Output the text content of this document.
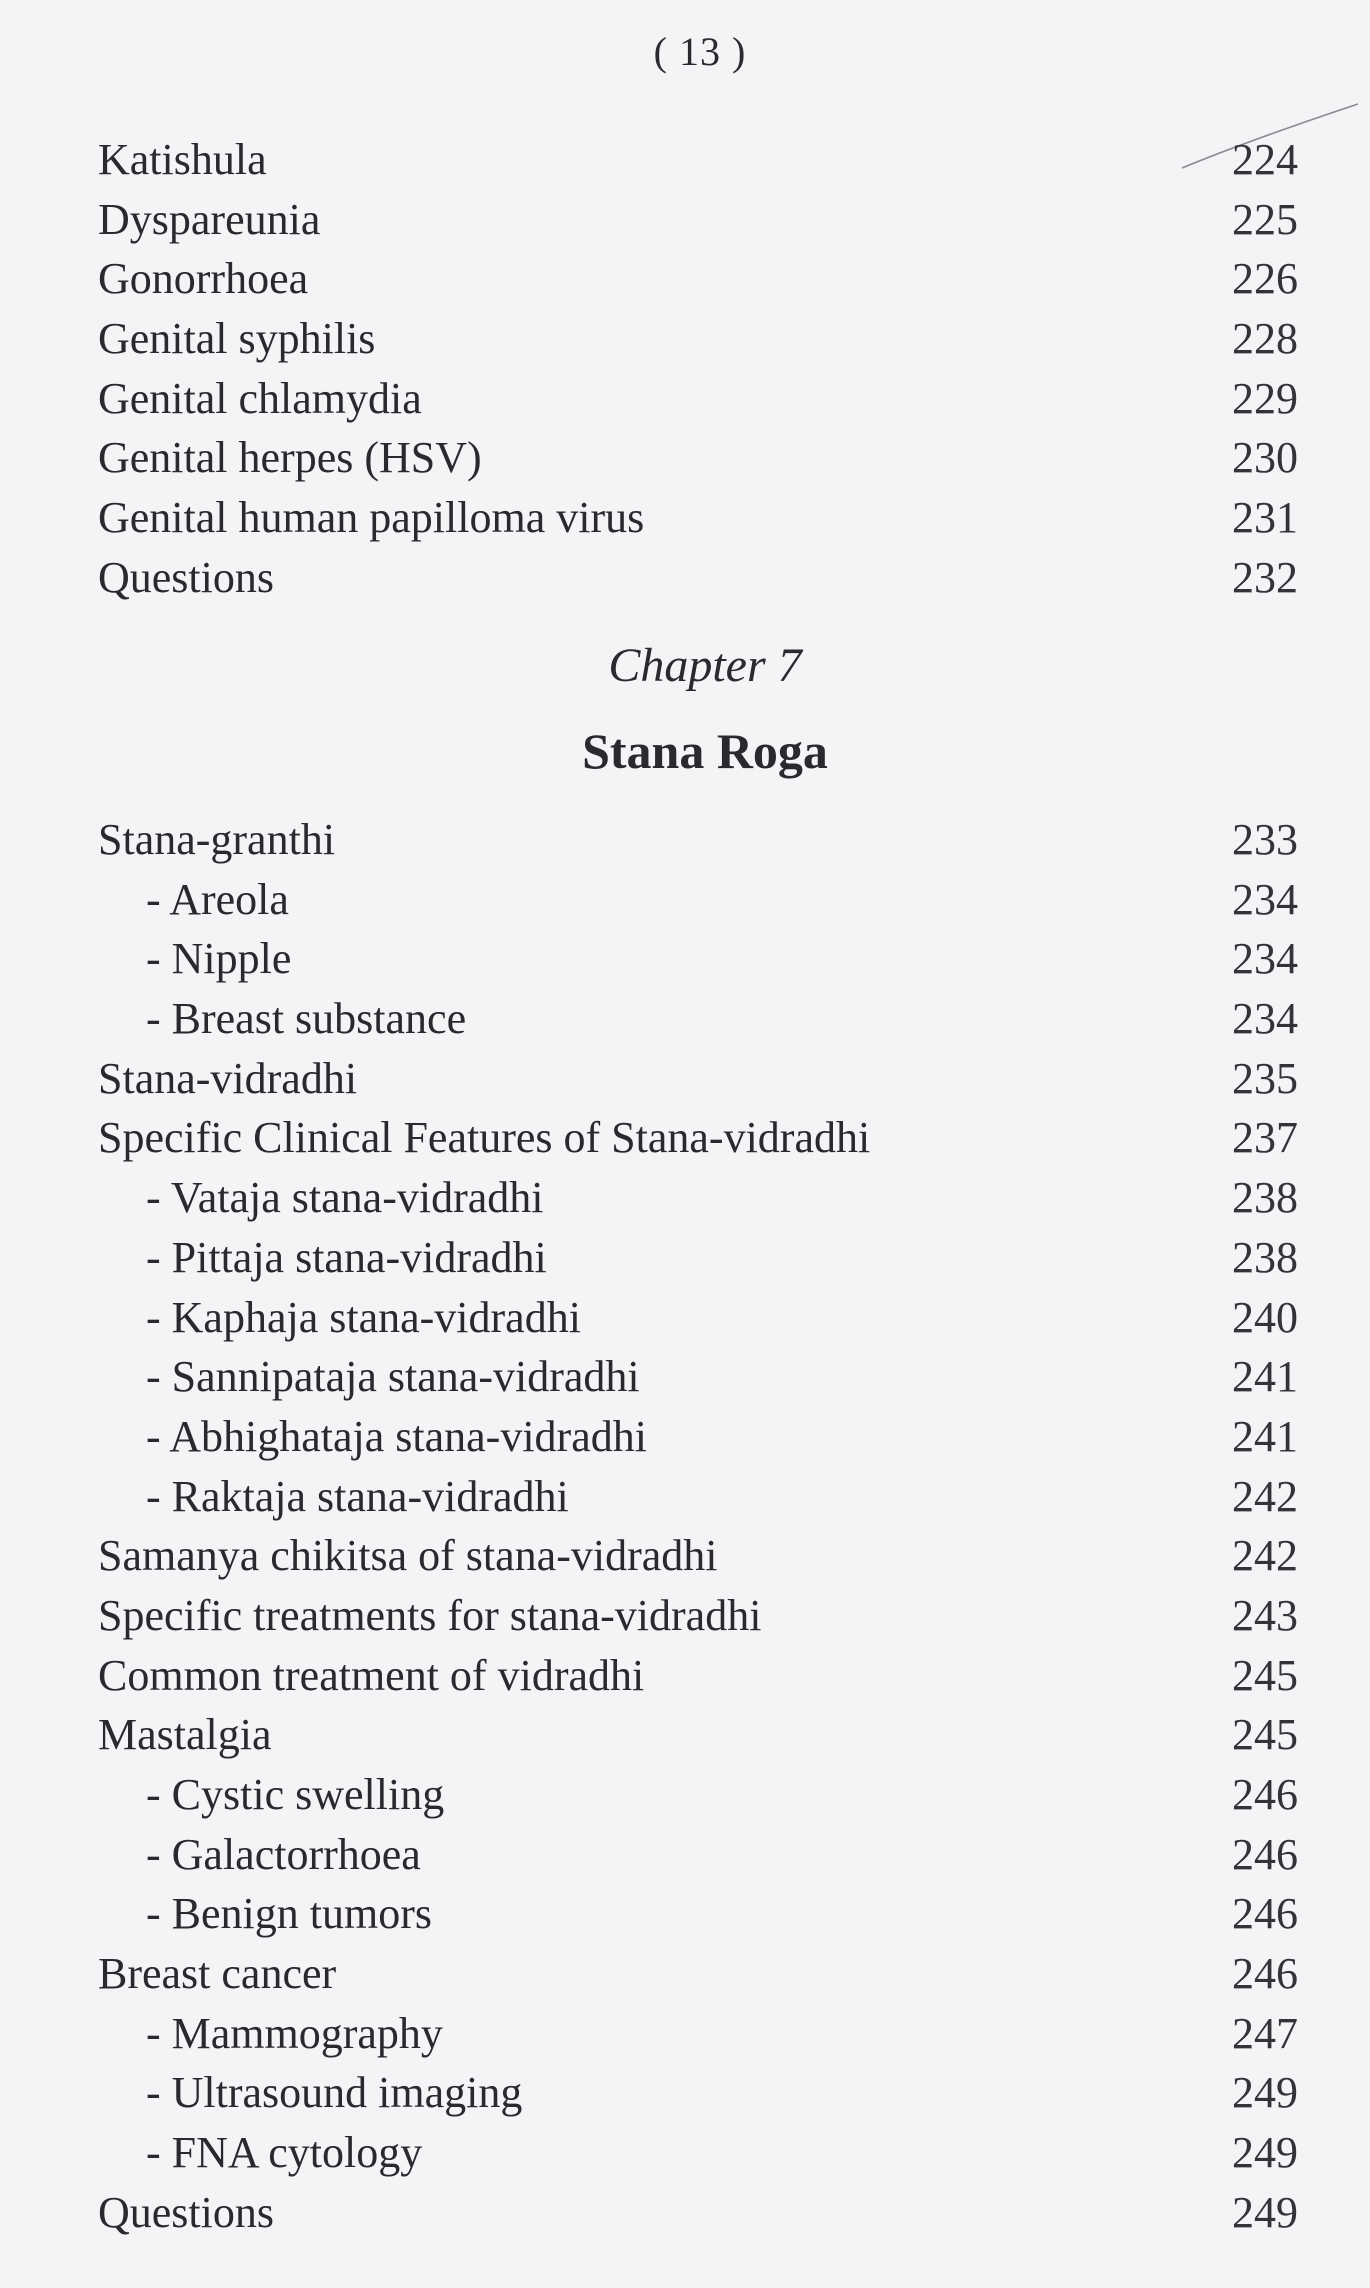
( 13 )
Katishula	224
Dyspareunia	225
Gonorrhoea	226
Genital syphilis	228
Genital chlamydia	229
Genital herpes (HSV)	230
Genital human papilloma virus	231
Questions	232
Chapter 7
Stana Roga
Stana-granthi	233
- Areola	234
- Nipple	234
- Breast substance	234
Stana-vidradhi	235
Specific Clinical Features of Stana-vidradhi	237
- Vataja stana-vidradhi	238
- Pittaja stana-vidradhi	238
- Kaphaja stana-vidradhi	240
- Sannipataja stana-vidradhi	241
- Abhighataja stana-vidradhi	241
- Raktaja stana-vidradhi	242
Samanya chikitsa of stana-vidradhi	242
Specific treatments for stana-vidradhi	243
Common treatment of vidradhi	245
Mastalgia	245
- Cystic swelling	246
- Galactorrhoea	246
- Benign tumors	246
Breast cancer	246
- Mammography	247
- Ultrasound imaging	249
- FNA cytology	249
Questions	249
